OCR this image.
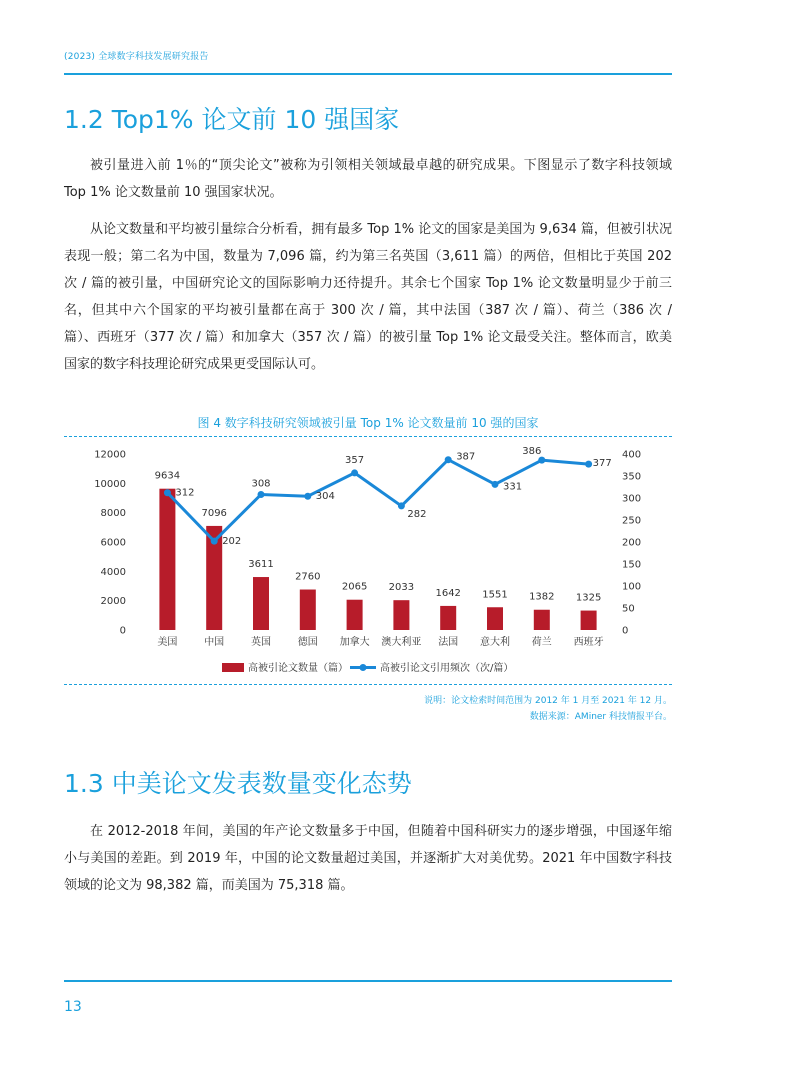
(2023) 全球数字科技发展研究报告
1.2 Top1% 论文前 10 强国家

被引量进入前 1％的“顶尖论文”被称为引领相关领域最卓越的研究成果。下图显示了数字科技领域 Top 1% 论文数量前 10 强国家状况。

从论文数量和平均被引量综合分析看，拥有最多 Top 1% 论文的国家是美国为 9,634 篇，但被引状况表现一般；第二名为中国，数量为 7,096 篇，约为第三名英国（3,611 篇）的两倍，但相比于英国 202 次 / 篇的被引量，中国研究论文的国际影响力还待提升。其余七个国家 Top 1% 论文数量明显少于前三名，但其中六个国家的平均被引量都在高于 300 次 / 篇，其中法国（387 次 / 篇）、荷兰（386 次 / 篇）、西班牙（377 次 / 篇）和加拿大（357 次 / 篇）的被引量 Top 1% 论文最受关注。整体而言，欧美国家的数字科技理论研究成果更受国际认可。

图 4 数字科技研究领域被引量 Top 1% 论文数量前 10 强的国家
0
2000
4000
6000
8000
10000
12000
0
50
100
150
200
250
300
350
400
9634
7096
3611
2760
2065 2033
1642 1551 1382 1325
312
202
308
304
357
282
387
331
386
377
美国	中国	英国	德国 加拿大 澳大利亚 法国 意大利 荷兰 西班牙
高被引论文数量（篇）	高被引论文引用频次（次/篇）
说明：论文检索时间范围为 2012 年 1 月至 2021 年 12 月。
数据来源：AMiner 科技情报平台。
1.3 中美论文发表数量变化态势

在 2012-2018 年间，美国的年产论文数量多于中国，但随着中国科研实力的逐步增强，中国逐年缩小与美国的差距。到 2019 年，中国的论文数量超过美国，并逐渐扩大对美优势。2021 年中国数字科技领域的论文为 98,382 篇，而美国为 75,318 篇。

13
